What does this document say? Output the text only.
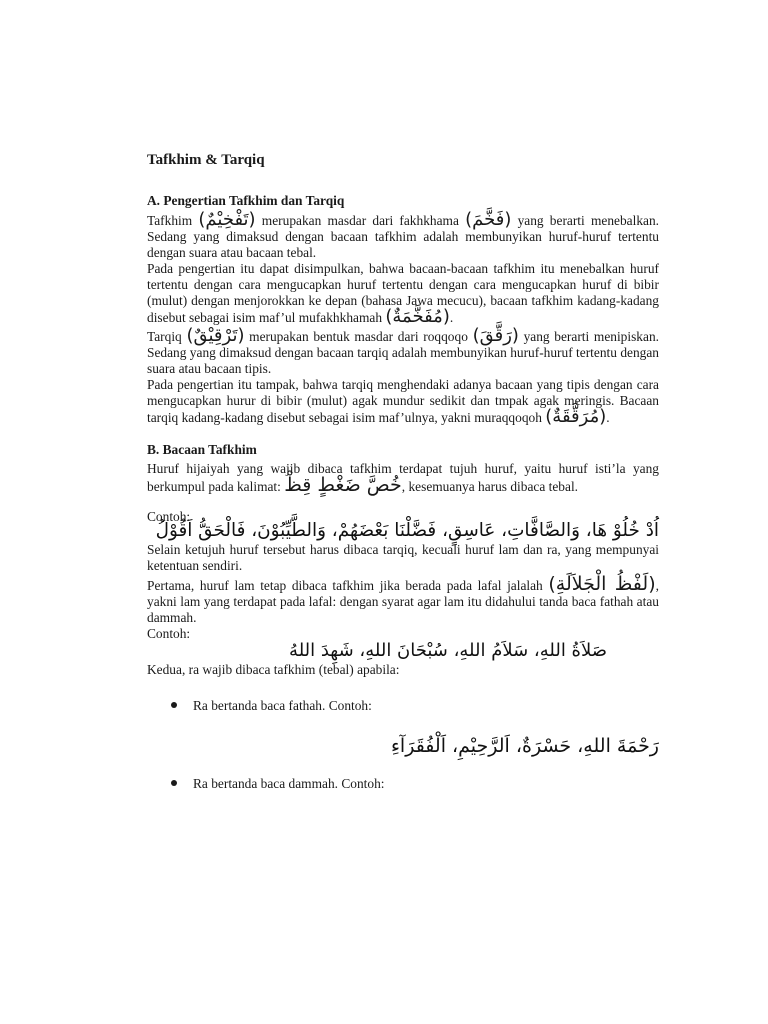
Tafkhim & Tarqiq
A. Pengertian Tafkhim dan Tarqiq

Tafkhim (تَفْخِيْمٌ) merupakan masdar dari fakhkhama (فَخَّمَ) yang berarti menebalkan. Sedang yang dimaksud dengan bacaan tafkhim adalah membunyikan huruf-huruf tertentu dengan suara atau bacaan tebal.

Pada pengertian itu dapat disimpulkan, bahwa bacaan-bacaan tafkhim itu menebalkan huruf tertentu dengan cara mengucapkan huruf tertentu dengan cara mengucapkan huruf di bibir (mulut) dengan menjorokkan ke depan (bahasa Jawa mecucu), bacaan tafkhim kadang-kadang disebut sebagai isim maf’ul mufakhkhamah (مُفَخَّمَةٌ).

Tarqiq (تَرْقِيْقٌ) merupakan bentuk masdar dari roqqoqo (رَقَّقَ) yang berarti menipiskan. Sedang yang dimaksud dengan bacaan tarqiq adalah membunyikan huruf-huruf tertentu dengan suara atau bacaan tipis.

Pada pengertian itu tampak, bahwa tarqiq menghendaki adanya bacaan yang tipis dengan cara mengucapkan hurur di bibir (mulut) agak mundur sedikit dan tmpak agak meringis. Bacaan tarqiq kadang-kadang disebut sebagai isim maf’ulnya, yakni muraqqoqoh (مُرَقَّقَةٌ).

B. Bacaan Tafkhim

Huruf hijaiyah yang wajib dibaca tafkhim terdapat tujuh huruf, yaitu huruf isti’la yang berkumpul pada kalimat: خُصَّ ضَغْطٍ قِظْ, kesemuanya harus dibaca tebal.

Contoh:

اُدْ خُلُوْ هَا، وَالصَّافَّاتِ، عَاسِقٍ، فَضَّلْنَا بَعْضَهُمْ، وَالطَّيِّبُوْنَ، فَالْحَقُّ اَقُوْلُ

Selain ketujuh huruf tersebut harus dibaca tarqiq, kecuali huruf lam dan ra, yang mempunyai ketentuan sendiri.

Pertama, huruf lam tetap dibaca tafkhim jika berada pada lafal jalalah (لَفْظُ الْجَلاَلَةِ), yakni lam yang terdapat pada lafal: dengan syarat agar lam itu didahului tanda baca fathah atau dammah.

Contoh:

صَلاَةُ اللهِ، سَلاَمُ اللهِ، سُبْحَانَ اللهِ، شَهِدَ اللهُ

Kedua, ra wajib dibaca tafkhim (tebal) apabila:

Ra bertanda baca fathah. Contoh:

رَحْمَةَ اللهِ، حَسْرَةٌ، اَلرَّحِيْمِ، اَلْفُقَرَآءِ

Ra bertanda baca dammah. Contoh:
